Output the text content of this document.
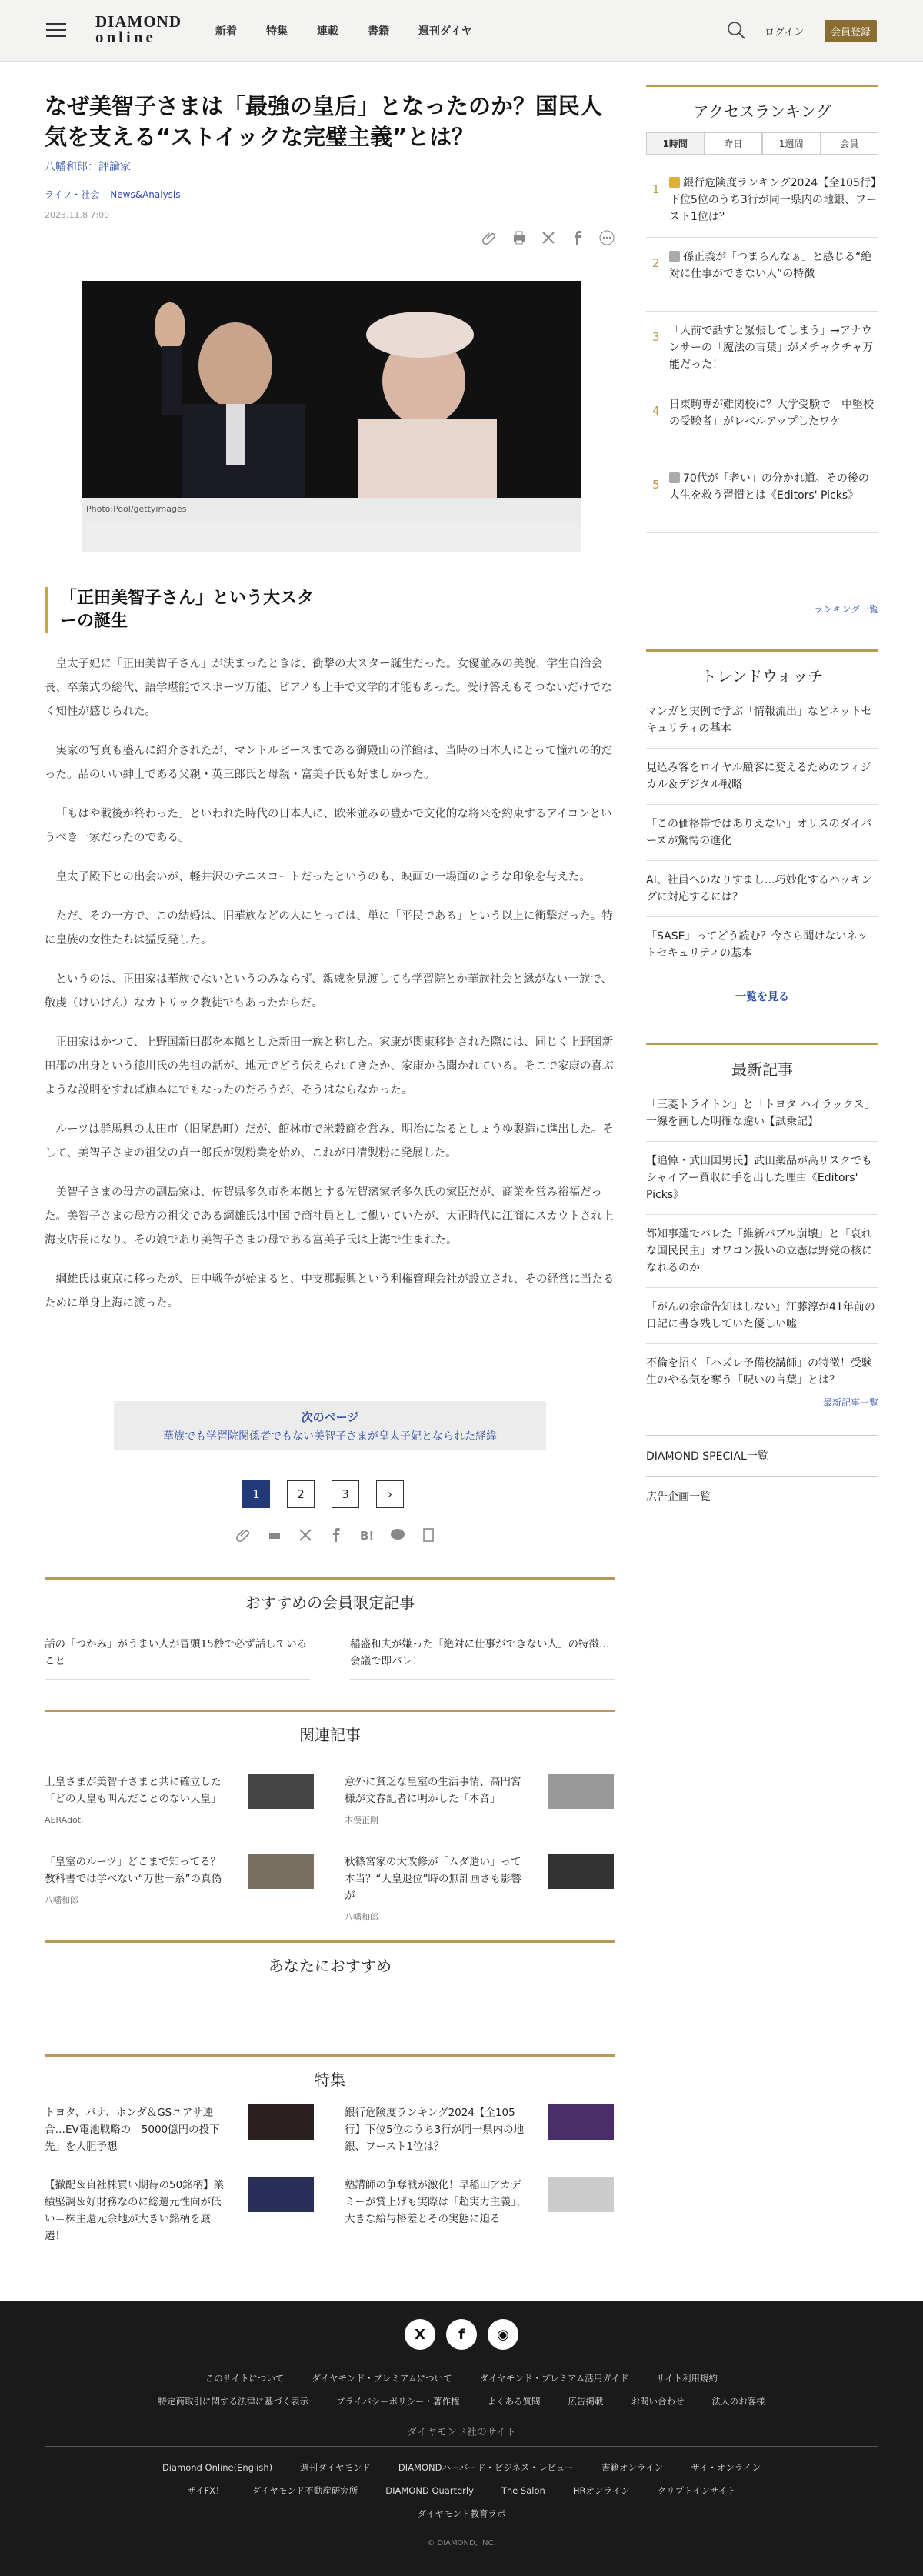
DIAMOND
online	新着	特集	連載	書籍	週刊ダイヤ	ログイン	会員登録
なぜ美智子さまは「最強の皇后」となったのか？国民人気を支える“ストイックな完璧主義”とは？
八幡和郎：評論家
ライフ・社会 News&Analysis
2023.11.8 7:00
Photo:Pool/gettyimages
「正田美智子さん」という大スターの誕生

皇太子妃に「正田美智子さん」が決まったときは、衝撃の大スター誕生だった。女優並みの美貌、学生自治会長、卒業式の総代、語学堪能でスポーツ万能、ピアノも上手で文学的才能もあった。受け答えもそつないだけでなく知性が感じられた。

実家の写真も盛んに紹介されたが、マントルピースまである御殿山の洋館は、当時の日本人にとって憧れの的だった。品のいい紳士である父親・英三郎氏と母親・富美子氏も好ましかった。

「もはや戦後が終わった」といわれた時代の日本人に、欧米並みの豊かで文化的な将来を約束するアイコンというべき一家だったのである。

皇太子殿下との出会いが、軽井沢のテニスコートだったというのも、映画の一場面のような印象を与えた。

ただ、その一方で、この結婚は、旧華族などの人にとっては、単に「平民である」という以上に衝撃だった。特に皇族の女性たちは猛反発した。

というのは、正田家は華族でないというのみならず、親戚を見渡しても学習院とか華族社会と縁がない一族で、敬虔（けいけん）なカトリック教徒でもあったからだ。

正田家はかつて、上野国新田郡を本拠とした新田一族と称した。家康が関東移封された際には、同じく上野国新田郡の出身という徳川氏の先祖の話が、地元でどう伝えられてきたか、家康から聞かれている。そこで家康の喜ぶような説明をすれば旗本にでもなったのだろうが、そうはならなかった。

ルーツは群馬県の太田市（旧尾島町）だが、館林市で米穀商を営み、明治になるとしょうゆ製造に進出した。そして、美智子さまの祖父の貞一郎氏が製粉業を始め、これが日清製粉に発展した。

美智子さまの母方の副島家は、佐賀県多久市を本拠とする佐賀藩家老多久氏の家臣だが、商業を営み裕福だった。美智子さまの母方の祖父である綱雄氏は中国で商社員として働いていたが、大正時代に江商にスカウトされ上海支店長になり、その娘であり美智子さまの母である富美子氏は上海で生まれた。

綱雄氏は東京に移ったが、日中戦争が始まると、中支那振興という利権管理会社が設立され、その経営に当たるために単身上海に渡った。

次のページ
華族でも学習院関係者でもない美智子さまが皇太子妃となられた経緯
1	2	3	›
B!
おすすめの会員限定記事
話の「つかみ」がうまい人が冒頭15秒で必ず話していること
稲盛和夫が嫌った「絶対に仕事ができない人」の特徴…会議で即バレ！
関連記事
上皇さまが美智子さまと共に確立した「どの天皇も叫んだことのない天皇」
AERAdot.
意外に貧乏な皇室の生活事情、高円宮様が文春記者に明かした「本音」
木俣正剛
「皇室のルーツ」どこまで知ってる？教科書では学べない“万世一系”の真偽
八幡和郎
秋篠宮家の大改修が「ムダ遣い」って本当？“天皇退位”時の無計画さも影響が
八幡和郎
あなたにおすすめ
特集
トヨタ、パナ、ホンダ＆GSユアサ連合…EV電池戦略の「5000億円の投下先」を大胆予想
銀行危険度ランキング2024【全105行】下位5位のうち3行が同一県内の地銀、ワースト1位は？
【撤配＆自社株買い期待の50銘柄】業績堅調＆好財務なのに総還元性向が低い＝株主還元余地が大きい銘柄を厳選！
塾講師の争奪戦が激化！早稲田アカデミーが賞上げも実際は「超実力主義」、大きな給与格差とその実態に迫る
アクセスランキング
1時間	昨日	1週間	会員
1	銀行危険度ランキング2024【全105行】下位5位のうち3行が同一県内の地銀、ワースト1位は？
2	孫正義が「つまらんなぁ」と感じる“絶対に仕事ができない人”の特徴
3 「人前で話すと緊張してしまう」→アナウンサーの「魔法の言葉」がメチャクチャ万能だった！
4 日東駒専が難関校に？大学受験で「中堅校の受験者」がレベルアップしたワケ
5	70代が「老い」の分かれ道。その後の人生を救う習慣とは《Editors' Picks》
ランキング一覧
トレンドウォッチ
マンガと実例で学ぶ「情報流出」などネットセキュリティの基本
見込み客をロイヤル顧客に変えるためのフィジカル＆デジタル戦略
「この価格帯ではありえない」オリスのダイバーズが驚愕の進化
AI、社員へのなりすまし…巧妙化するハッキングに対応するには？
「SASE」ってどう読む？今さら聞けないネットセキュリティの基本
一覧を見る
最新記事
「三菱トライトン」と「トヨタ ハイラックス」一線を画した明確な違い【試乗記】
【追悼・武田国男氏】武田薬品が高リスクでもシャイアー買収に手を出した理由《Editors' Picks》
都知事選でバレた「維新バブル崩壊」と「哀れな国民民主」オワコン扱いの立憲は野党の核になれるのか
「がんの余命告知はしない」江藤淳が41年前の日記に書き残していた優しい嘘
不倫を招く「ハズレ予備校講師」の特徴！受験生のやる気を奪う「呪いの言葉」とは？
最新記事一覧
DIAMOND SPECIAL一覧
広告企画一覧
X	f	◉
このサイトについて	ダイヤモンド・プレミアムについて	ダイヤモンド・プレミアム活用ガイド	サイト利用規約
特定商取引に関する法律に基づく表示	プライバシーポリシー・著作権	よくある質問	広告掲載	お問い合わせ	法人のお客様
ダイヤモンド社のサイト
Diamond Online(English)	週刊ダイヤモンド	DIAMONDハーバード・ビジネス・レビュー	書籍オンライン	ザイ・オンライン
ザイFX！	ダイヤモンド不動産研究所	DIAMOND Quarterly	The Salon	HRオンライン	クリプトインサイト
ダイヤモンド教育ラボ
© DIAMOND, INC.
